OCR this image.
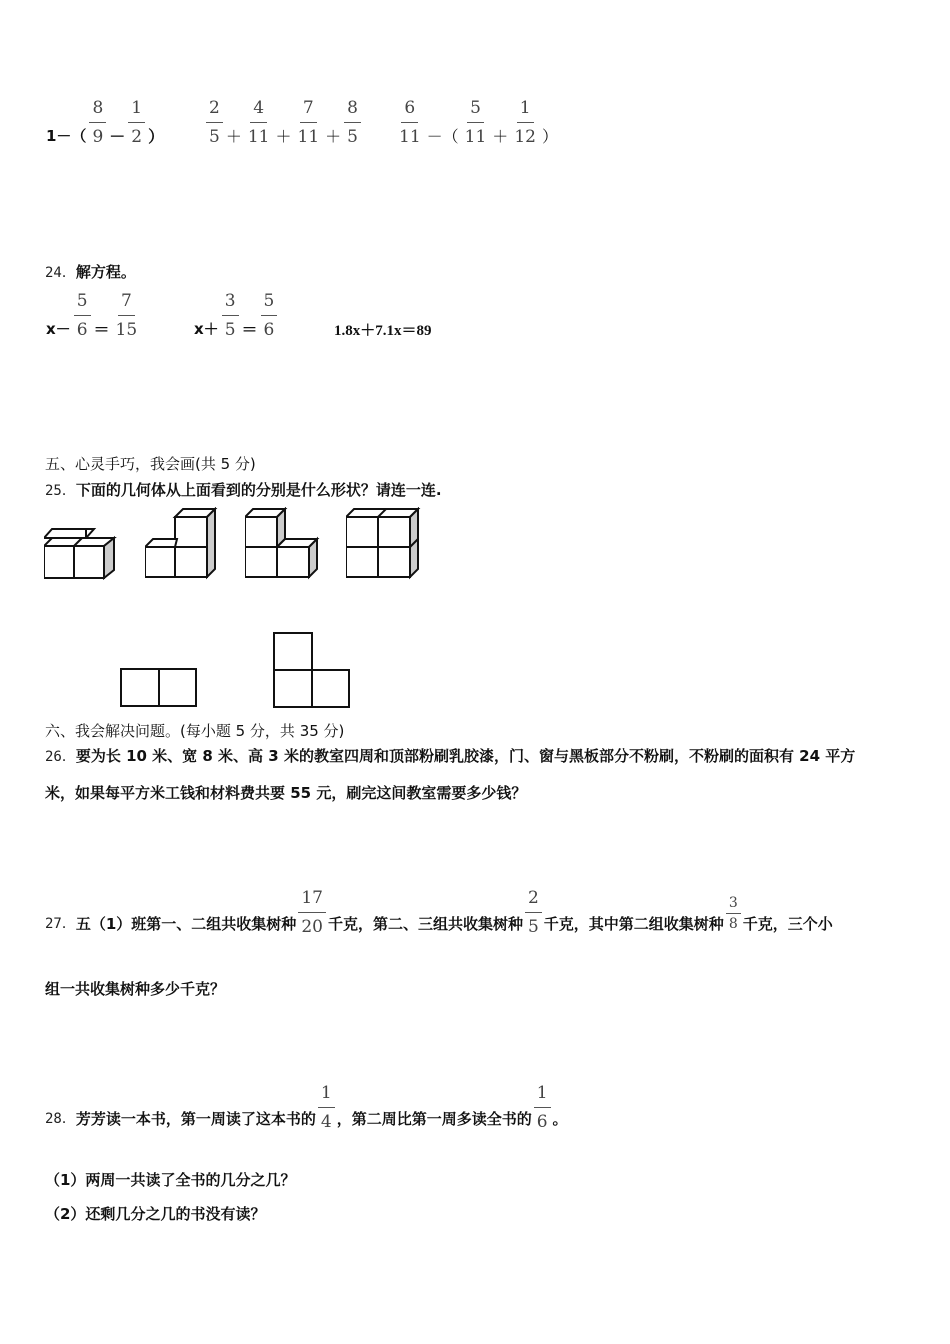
$1-( \frac{8}{9} - \frac{1}{2}$ ） $\frac{2}{5} + \frac{4}{11} + \frac{7}{11} + \frac{8}{5} \frac{6}{11}$ －（ $\frac{5}{11} + \frac{1}{12}$ ）
24．解方程。
$x- \frac{5}{6} = \frac{7}{15}$	$x+ \frac{3}{5} = \frac{5}{6}$	1.8x＋7.1x＝89
五、心灵手巧，我会画(共 5 分)
25．下面的几何体从上面看到的分别是什么形状？请连一连.
六、我会解决问题。(每小题 5 分，共 35 分)
26．要为长 10 米、宽 8 米、高 3 米的教室四周和顶部粉刷乳胶漆，门、窗与黑板部分不粉刷，不粉刷的面积有 24 平方
米，如果每平方米工钱和材料费共要 55 元，刷完这间教室需要多少钱？
27． 五（1）班第一、二组共收集树种 $\frac{17}{20}$ 千克，第二、三组共收集树种 $\frac{2}{5}$ 千克，其中第二组收集树种 $\frac{3}{8}$ 千克，三个小
组一共收集树种多少千克？
28． 芳芳读一本书，第一周读了这本书的 $\frac{1}{4}$ ，第二周比第一周多读全书的 $\frac{1}{6}$ 。
（1）两周一共读了全书的几分之几？
（2）还剩几分之几的书没有读？
